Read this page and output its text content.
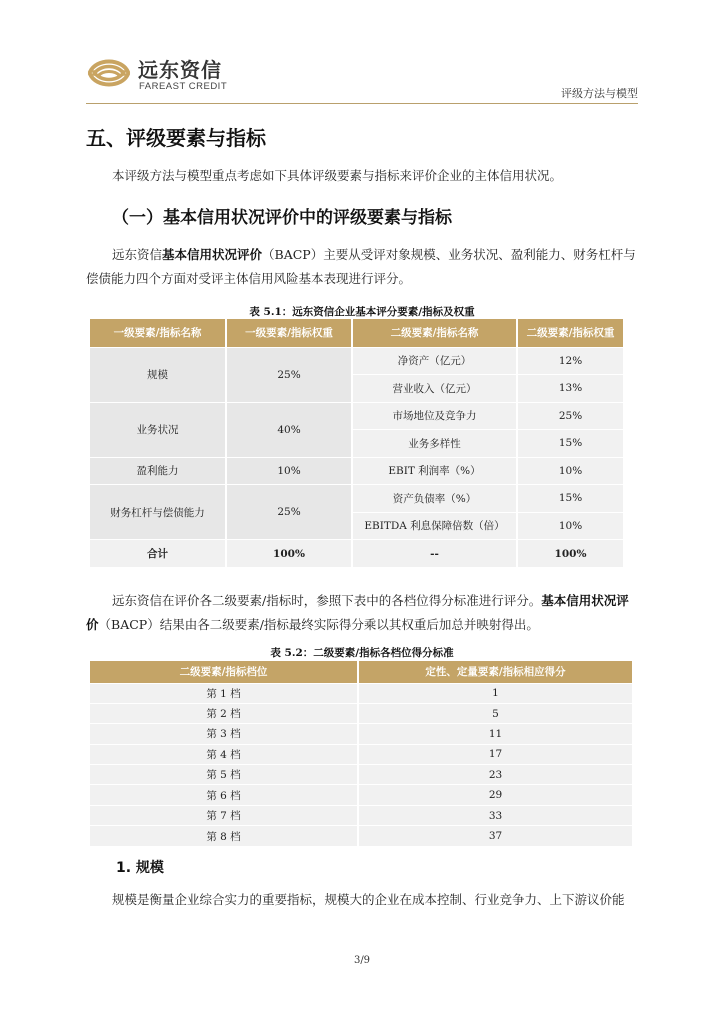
远东资信
FAREAST CREDIT
评级方法与模型
五、评级要素与指标
本评级方法与模型重点考虑如下具体评级要素与指标来评价企业的主体信用状况。
（一）基本信用状况评价中的评级要素与指标
远东资信基本信用状况评价（BACP）主要从受评对象规模、业务状况、盈利能力、财务杠杆与偿债能力四个方面对受评主体信用风险基本表现进行评分。
表 5.1：远东资信企业基本评分要素/指标及权重
一级要素/指标名称	一级要素/指标权重	二级要素/指标名称	二级要素/指标权重
规模	25%	净资产（亿元）	12%
		营业收入（亿元）	13%
业务状况	40%	市场地位及竞争力	25%
		业务多样性	15%
盈利能力	10%	EBIT 利润率（%）	10%
财务杠杆与偿债能力	25%	资产负债率（%）	15%
		EBITDA 利息保障倍数（倍）	10%
合计	100%	--	100%
远东资信在评价各二级要素/指标时，参照下表中的各档位得分标准进行评分。基本信用状况评价（BACP）结果由各二级要素/指标最终实际得分乘以其权重后加总并映射得出。
表 5.2：二级要素/指标各档位得分标准
二级要素/指标档位	定性、定量要素/指标相应得分
第 1 档	1
第 2 档	5
第 3 档	11
第 4 档	17
第 5 档	23
第 6 档	29
第 7 档	33
第 8 档	37
1. 规模
规模是衡量企业综合实力的重要指标，规模大的企业在成本控制、行业竞争力、上下游议价能
3/9
